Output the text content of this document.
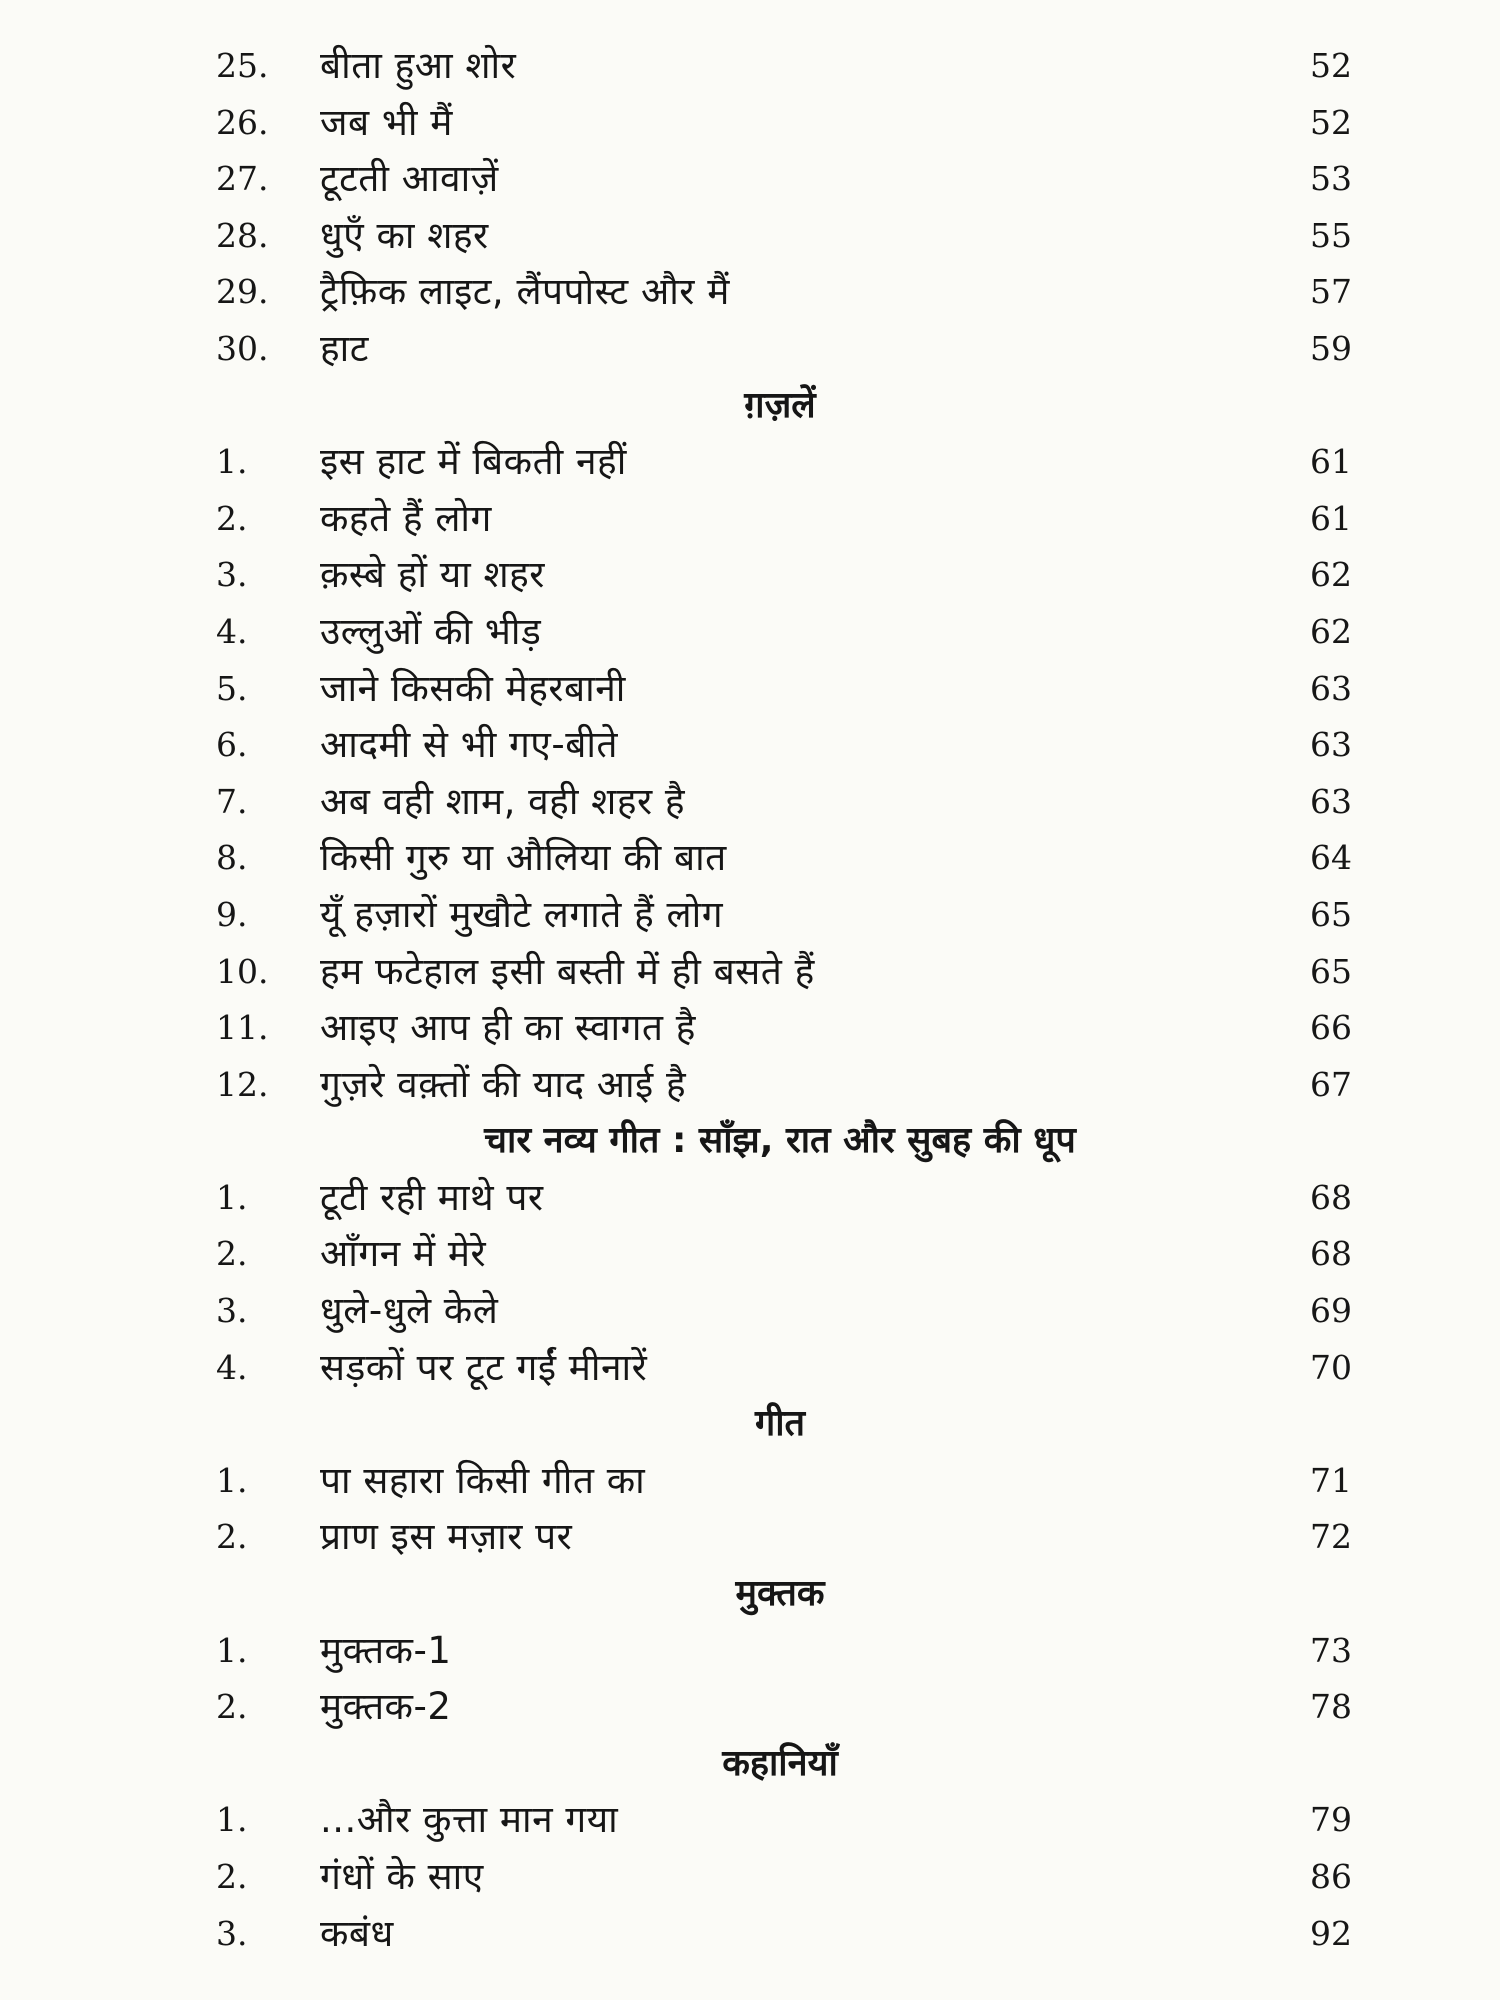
25. बीता हुआ शोर	52
26. जब भी मैं	52
27. टूटती आवाज़ें	53
28. धुएँ का शहर	55
29. ट्रैफ़िक लाइट, लैंपपोस्ट और मैं	57
30. हाट	59
ग़ज़लें
1. इस हाट में बिकती नहीं	61
2. कहते हैं लोग	61
3. क़स्बे हों या शहर	62
4. उल्लुओं की भीड़	62
5. जाने किसकी मेहरबानी	63
6. आदमी से भी गए-बीते	63
7. अब वही शाम, वही शहर है	63
8. किसी गुरु या औलिया की बात	64
9. यूँ हज़ारों मुखौटे लगाते हैं लोग	65
10. हम फटेहाल इसी बस्ती में ही बसते हैं	65
11. आइए आप ही का स्वागत है	66
12. गुज़रे वक़्तों की याद आई है	67
चार नव्य गीत : साँझ, रात और सुबह की धूप
1. टूटी रही माथे पर	68
2. आँगन में मेरे	68
3. धुले-धुले केले	69
4. सड़कों पर टूट गईं मीनारें	70
गीत
1. पा सहारा किसी गीत का	71
2. प्राण इस मज़ार पर	72
मुक्तक
1. मुक्तक-1	73
2. मुक्तक-2	78
कहानियाँ
1. ...और कुत्ता मान गया	79
2. गंधों के साए	86
3. कबंध	92
